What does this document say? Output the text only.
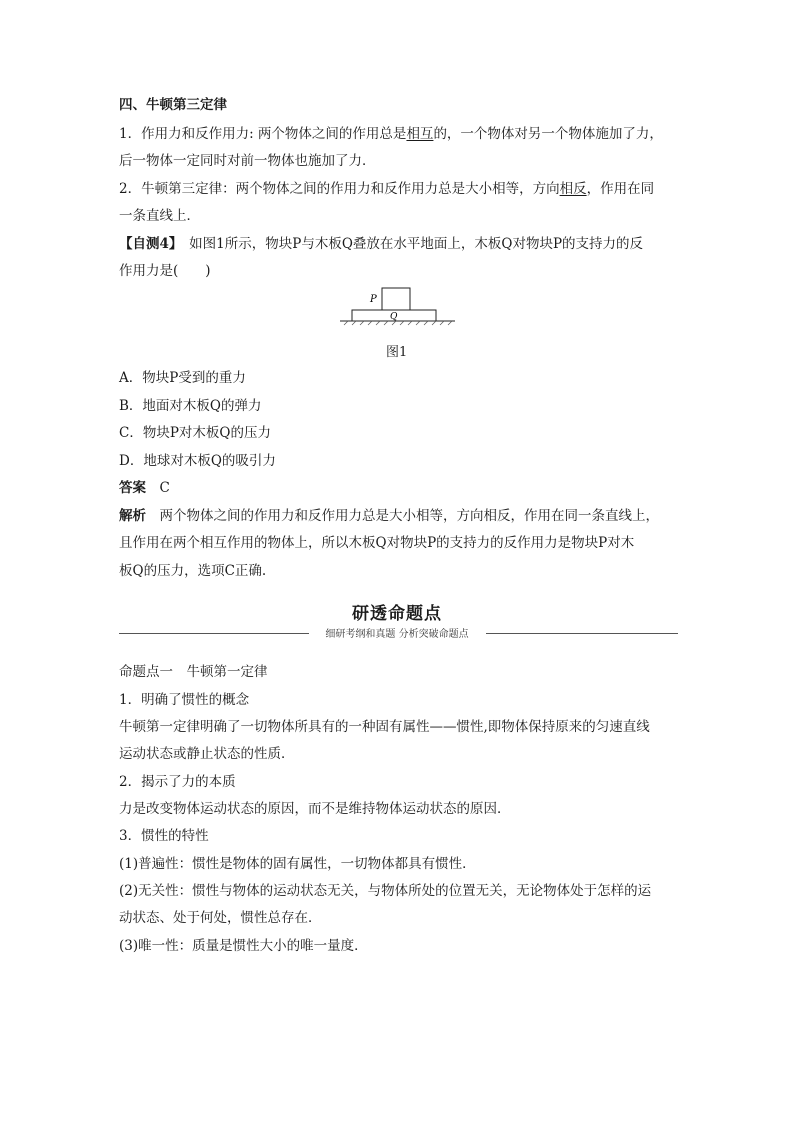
四、牛顿第三定律
1．作用力和反作用力: 两个物体之间的作用总是相互的，一个物体对另一个物体施加了力，
后一物体一定同时对前一物体也施加了力．
2．牛顿第三定律：两个物体之间的作用力和反作用力总是大小相等，方向相反，作用在同
一条直线上．
【自测4】　 如图1所示，物块P与木板Q叠放在水平地面上，木板Q对物块P的支持力的反
作用力是(　　)
P
Q
图1
A．物块P受到的重力
B．地面对木板Q的弹力
C．物块P对木板Q的压力
D．地球对木板Q的吸引力
答案　 C
解析　 两个物体之间的作用力和反作用力总是大小相等，方向相反，作用在同一条直线上，
且作用在两个相互作用的物体上，所以木板Q对物块P的支持力的反作用力是物块P对木
板Q的压力，选项C正确.
研透命题点
细研考纲和真题 分析突破命题点
命题点一　牛顿第一定律
1．明确了惯性的概念
牛顿第一定律明确了一切物体所具有的一种固有属性——惯性,即物体保持原来的匀速直线
运动状态或静止状态的性质．
2．揭示了力的本质
力是改变物体运动状态的原因，而不是维持物体运动状态的原因．
3．惯性的特性
(1)普遍性：惯性是物体的固有属性，一切物体都具有惯性．
(2)无关性：惯性与物体的运动状态无关，与物体所处的位置无关，无论物体处于怎样的运
动状态、处于何处，惯性总存在．
(3)唯一性：质量是惯性大小的唯一量度．
